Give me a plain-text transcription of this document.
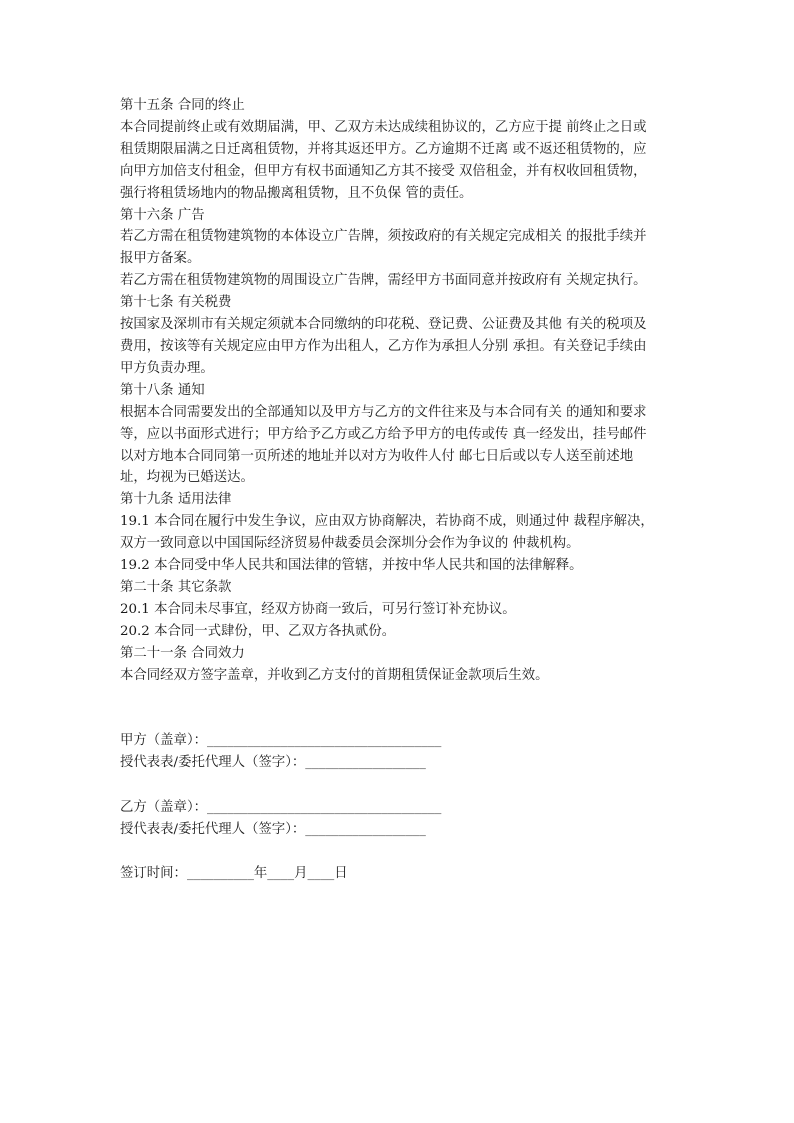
第十五条 合同的终止
本合同提前终止或有效期届满，甲、乙双方未达成续租协议的，乙方应于提 前终止之日或
租赁期限届满之日迁离租赁物，并将其返还甲方。乙方逾期不迁离 或不返还租赁物的，应
向甲方加倍支付租金，但甲方有权书面通知乙方其不接受 双倍租金，并有权收回租赁物，
强行将租赁场地内的物品搬离租赁物，且不负保 管的责任。
第十六条 广告
若乙方需在租赁物建筑物的本体设立广告牌，须按政府的有关规定完成相关 的报批手续并
报甲方备案。
若乙方需在租赁物建筑物的周围设立广告牌，需经甲方书面同意并按政府有 关规定执行。
第十七条 有关税费
按国家及深圳市有关规定须就本合同缴纳的印花税、登记费、公证费及其他 有关的税项及
费用，按该等有关规定应由甲方作为出租人，乙方作为承担人分别 承担。有关登记手续由
甲方负责办理。
第十八条 通知
根据本合同需要发出的全部通知以及甲方与乙方的文件往来及与本合同有关 的通知和要求
等，应以书面形式进行；甲方给予乙方或乙方给予甲方的电传或传 真一经发出，挂号邮件
以对方地本合同同第一页所述的地址并以对方为收件人付 邮七日后或以专人送至前述地
址，均视为已婚送达。
第十九条 适用法律
19.1 本合同在履行中发生争议，应由双方协商解决，若协商不成，则通过仲 裁程序解决，
双方一致同意以中国国际经济贸易仲裁委员会深圳分会作为争议的 仲裁机构。
19.2 本合同受中华人民共和国法律的管辖，并按中华人民共和国的法律解释。
第二十条 其它条款
20.1 本合同未尽事宜，经双方协商一致后，可另行签订补充协议。
20.2 本合同一式肆份，甲、乙双方各执贰份。
第二十一条 合同效力
本合同经双方签字盖章，并收到乙方支付的首期租赁保证金款项后生效。
甲方（盖章）：___________________________________
授代表表/委托代理人（签字）：__________________
乙方（盖章）：___________________________________
授代表表/委托代理人（签字）：__________________
签订时间：__________年____月____日
